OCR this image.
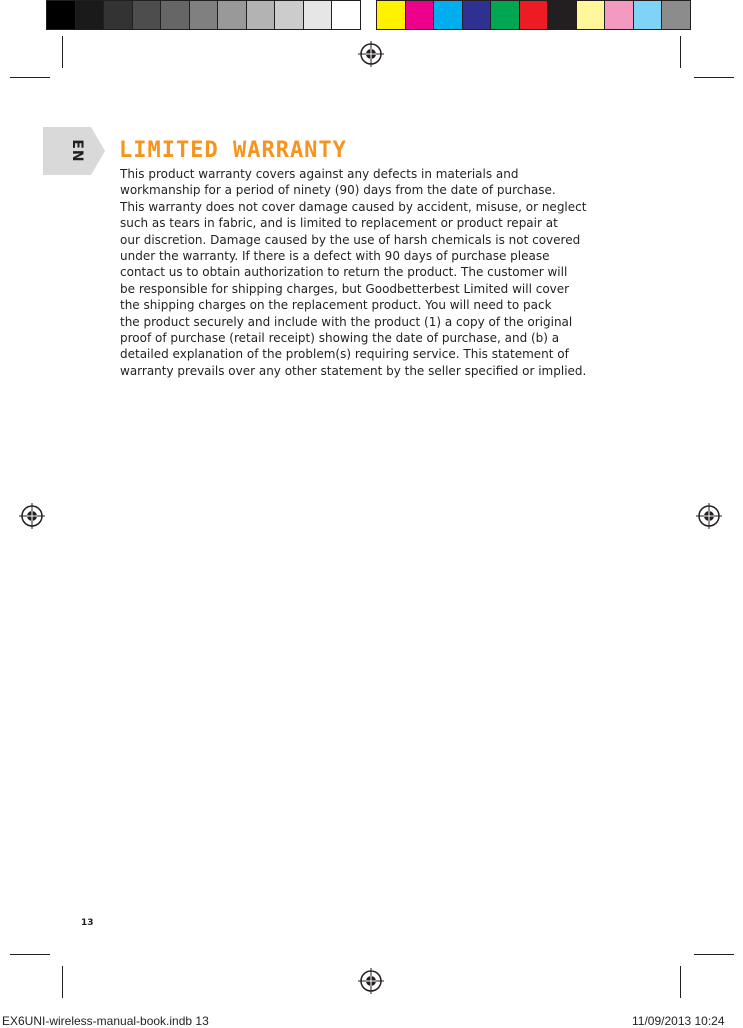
EN LIMITED WARRANTY
This product warranty covers against any defects in materials and
workmanship for a period of ninety (90) days from the date of purchase.
This warranty does not cover damage caused by accident, misuse, or neglect
such as tears in fabric, and is limited to replacement or product repair at
our discretion. Damage caused by the use of harsh chemicals is not covered
under the warranty. If there is a defect with 90 days of purchase please
contact us to obtain authorization to return the product. The customer will
be responsible for shipping charges, but Goodbetterbest Limited will cover
the shipping charges on the replacement product. You will need to pack
the product securely and include with the product (1) a copy of the original
proof of purchase (retail receipt) showing the date of purchase, and (b) a
detailed explanation of the problem(s) requiring service. This statement of
warranty prevails over any other statement by the seller specified or implied.
13
EX6UNI-wireless-manual-book.indb 13	11/09/2013 10:24
